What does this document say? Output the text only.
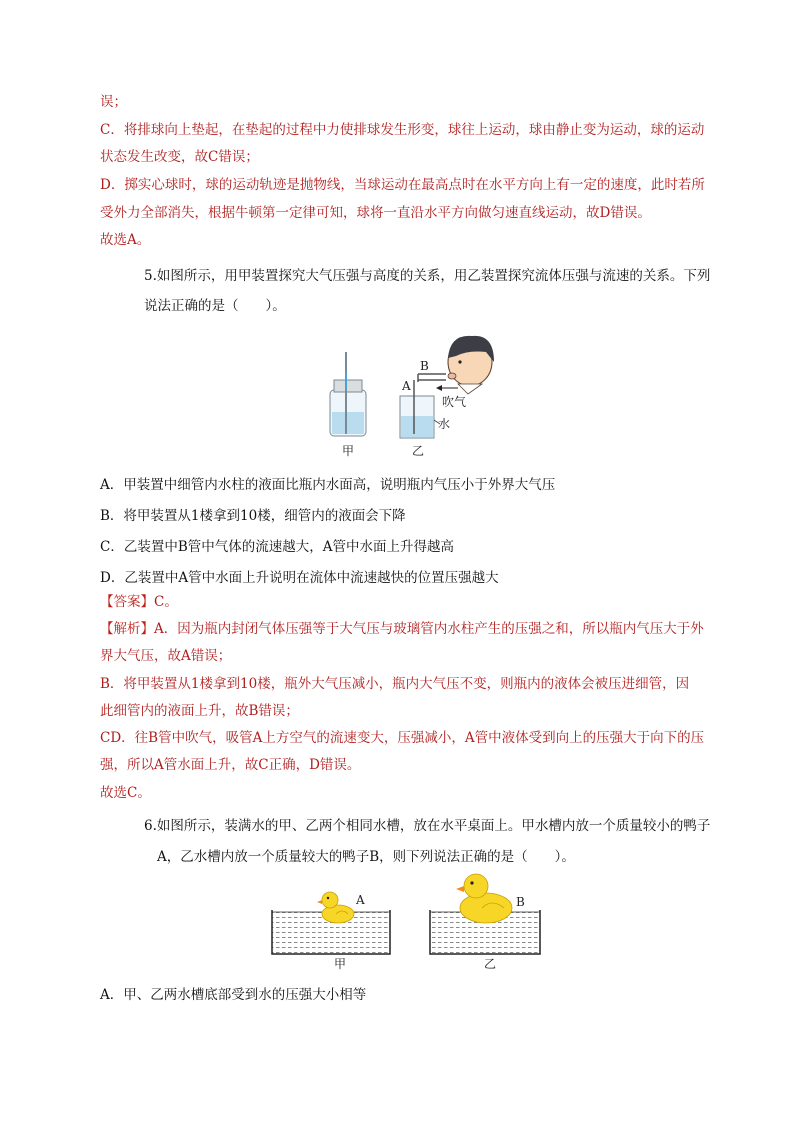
误；
C．将排球向上垫起，在垫起的过程中力使排球发生形变，球往上运动，球由静止变为运动，球的运动
状态发生改变，故C错误；
D．掷实心球时，球的运动轨迹是抛物线，当球运动在最高点时在水平方向上有一定的速度，此时若所
受外力全部消失，根据牛顿第一定律可知，球将一直沿水平方向做匀速直线运动，故D错误。
故选A。
5.如图所示，用甲装置探究大气压强与高度的关系，用乙装置探究流体压强与流速的关系。下列
说法正确的是（　　）。
甲
A
B
吹气
水
乙
A．甲装置中细管内水柱的液面比瓶内水面高，说明瓶内气压小于外界大气压
B．将甲装置从1楼拿到10楼，细管内的液面会下降
C．乙装置中B管中气体的流速越大，A管中水面上升得越高
D．乙装置中A管中水面上升说明在流体中流速越快的位置压强越大
【答案】C。
【解析】A．因为瓶内封闭气体压强等于大气压与玻璃管内水柱产生的压强之和，所以瓶内气压大于外
界大气压，故A错误；
B．将甲装置从1楼拿到10楼，瓶外大气压减小，瓶内大气压不变，则瓶内的液体会被压进细管，因
此细管内的液面上升，故B错误；
CD．往B管中吹气，吸管A上方空气的流速变大，压强减小，A管中液体受到向上的压强大于向下的压
强，所以A管水面上升，故C正确，D错误。
故选C。
6.如图所示，装满水的甲、乙两个相同水槽，放在水平桌面上。甲水槽内放一个质量较小的鸭子
A，乙水槽内放一个质量较大的鸭子B，则下列说法正确的是（　　）。
A
甲
B
乙
A．甲、乙两水槽底部受到水的压强大小相等
